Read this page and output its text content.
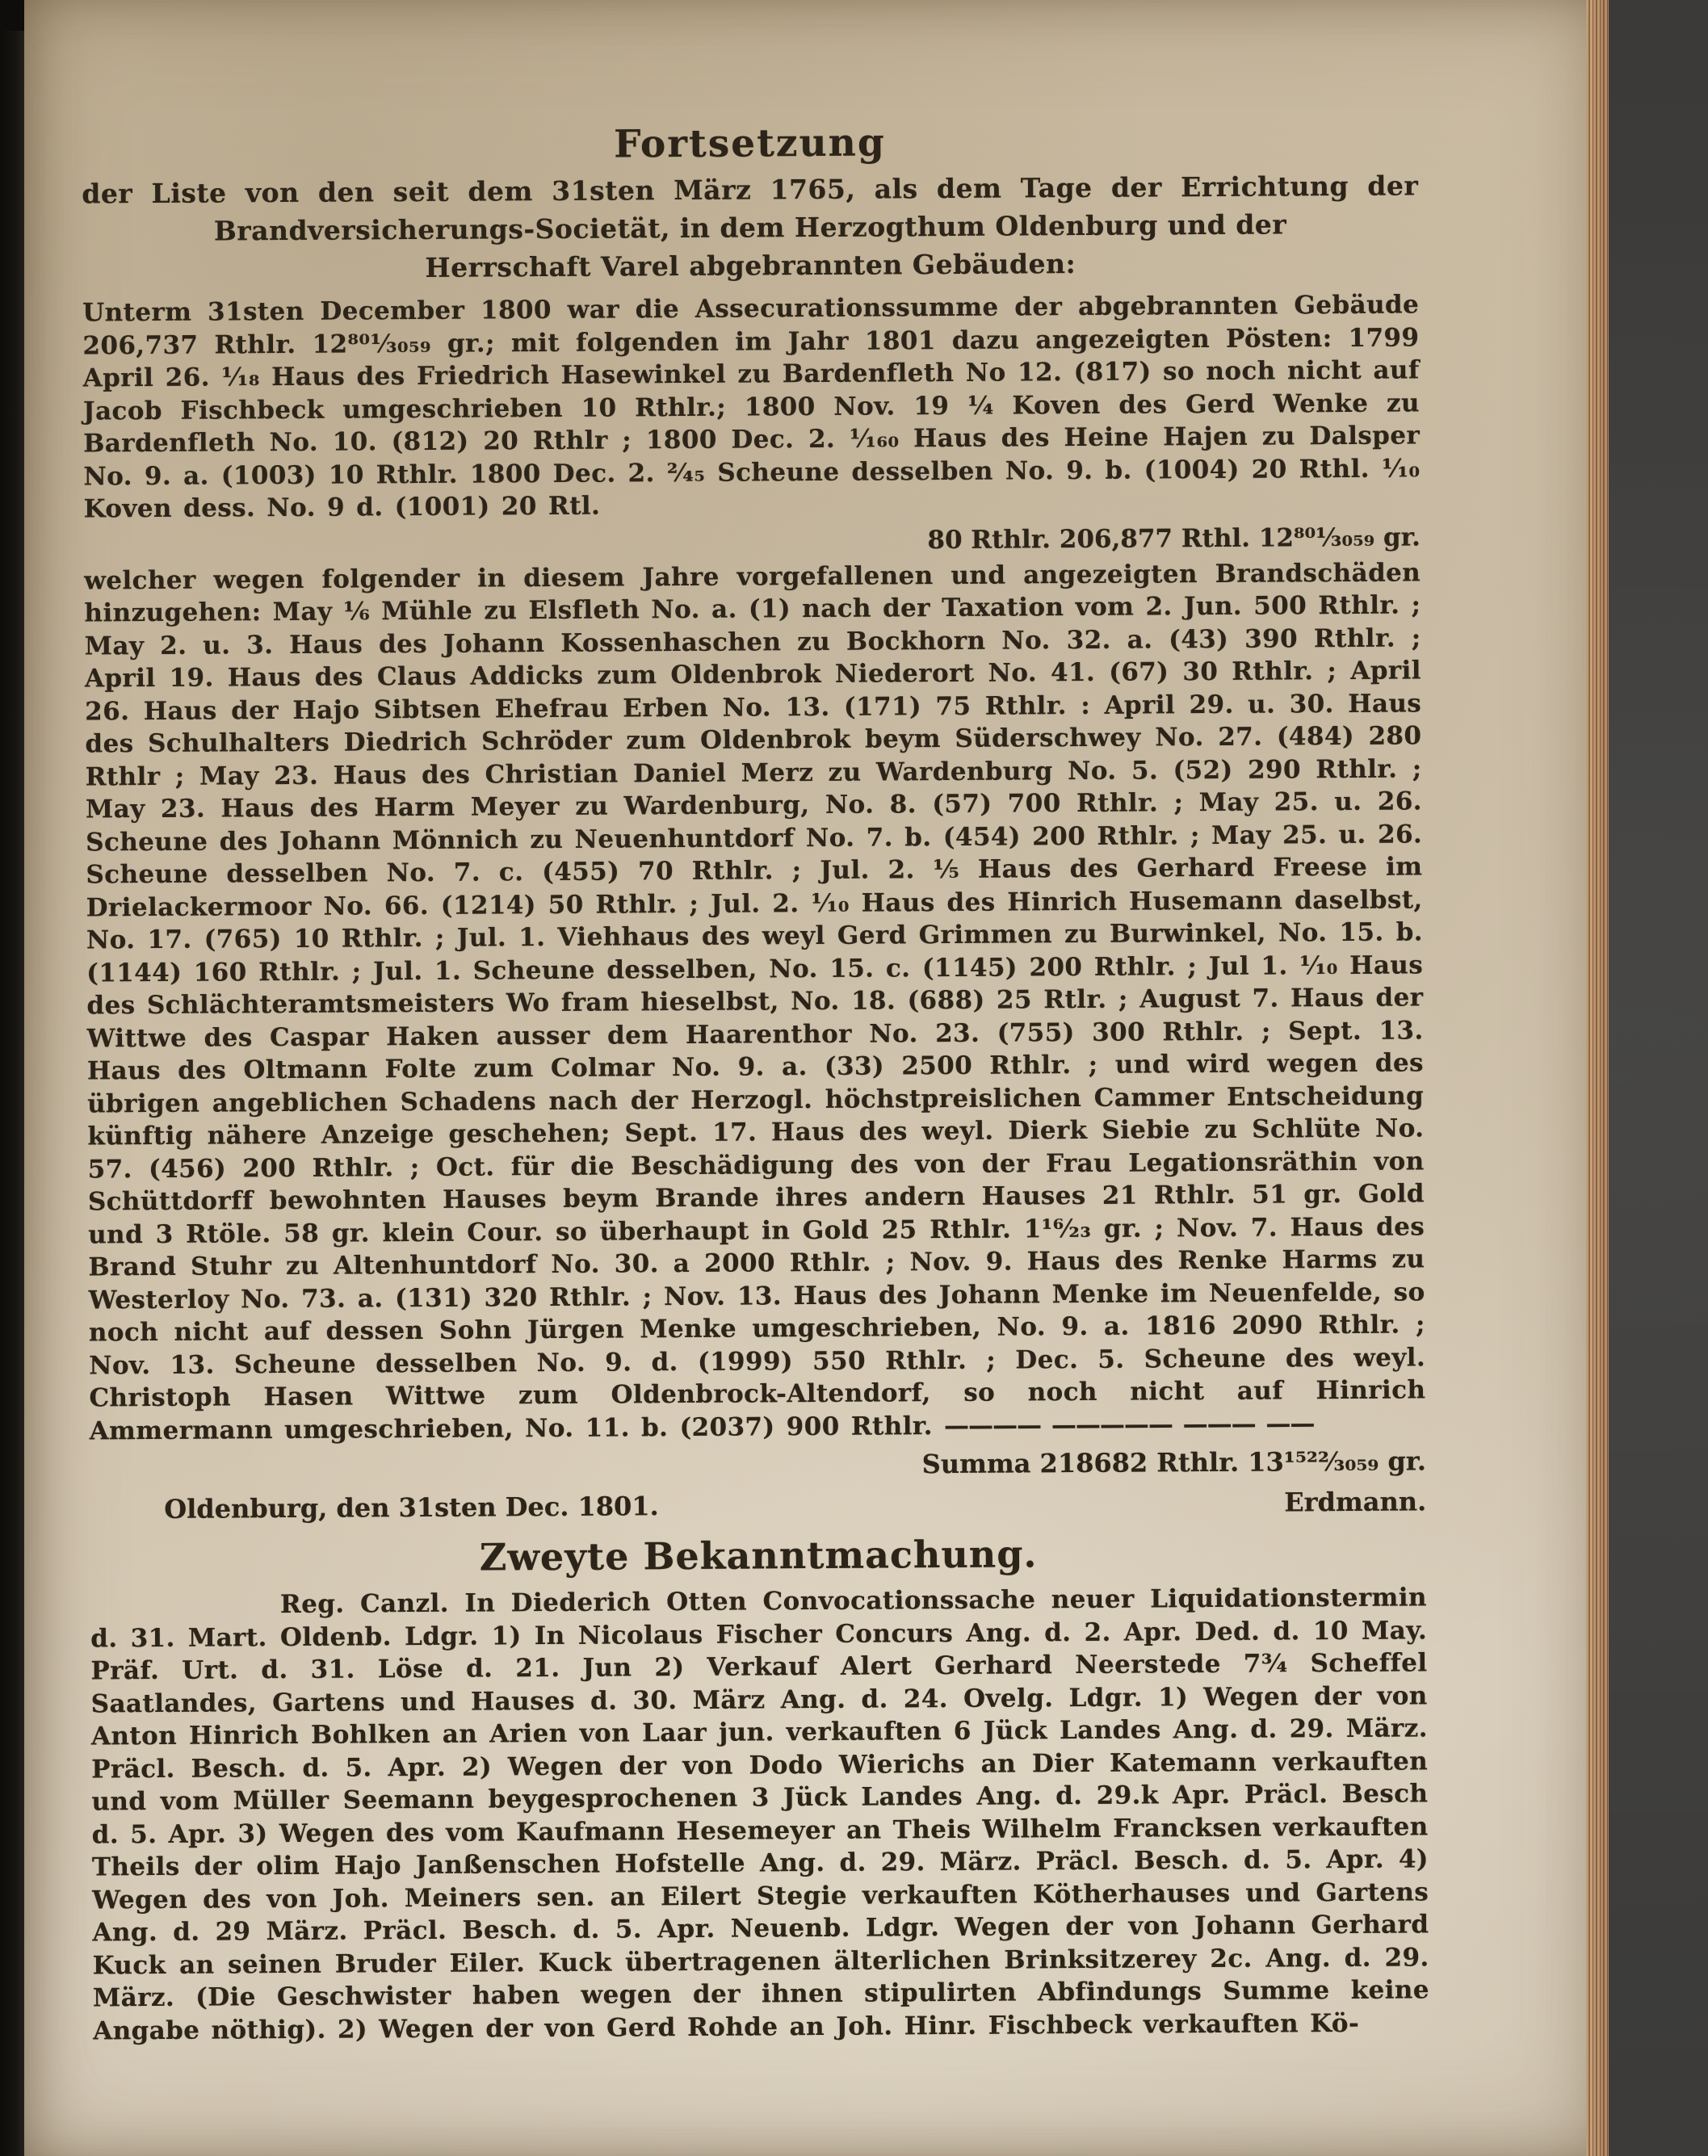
Fortsetzung
der Liste von den seit dem 31sten März 1765, als dem Tage der Errichtung der
Brandversicherungs-Societät, in dem Herzogthum Oldenburg und der
Herrschaft Varel abgebrannten Gebäuden:

Unterm 31sten December 1800 war die Assecurationssumme der abgebrannten Gebäude 206,737 Rthlr. 12⁸⁰¹⁄₃₀₅₉ gr.; mit folgenden im Jahr 1801 dazu angezeigten Pösten: 1799 April 26. ¹⁄₁₈ Haus des Friedrich Hasewinkel zu Bardenfleth No 12. (817) so noch nicht auf Jacob Fischbeck umgeschrieben 10 Rthlr.; 1800 Nov. 19 ¼ Koven des Gerd Wenke zu Bardenfleth No. 10. (812) 20 Rthlr ; 1800 Dec. 2. ¹⁄₁₆₀ Haus des Heine Hajen zu Dalsper No. 9. a. (1003) 10 Rthlr. 1800 Dec. 2. ²⁄₄₅ Scheune desselben No. 9. b. (1004) 20 Rthl. ¹⁄₁₀ Koven dess. No. 9 d. (1001) 20 Rtl.

80 Rthlr. 206,877 Rthl. 12⁸⁰¹⁄₃₀₅₉ gr.

welcher wegen folgender in diesem Jahre vorgefallenen und angezeigten Brandschäden hinzugehen: May ⅙ Mühle zu Elsfleth No. a. (1) nach der Taxation vom 2. Jun. 500 Rthlr. ; May 2. u. 3. Haus des Johann Kossenhaschen zu Bockhorn No. 32. a. (43) 390 Rthlr. ; April 19. Haus des Claus Addicks zum Oldenbrok Niederort No. 41. (67) 30 Rthlr. ; April 26. Haus der Hajo Sibtsen Ehefrau Erben No. 13. (171) 75 Rthlr. : April 29. u. 30. Haus des Schulhalters Diedrich Schröder zum Oldenbrok beym Süderschwey No. 27. (484) 280 Rthlr ; May 23. Haus des Christian Daniel Merz zu Wardenburg No. 5. (52) 290 Rthlr. ; May 23. Haus des Harm Meyer zu Wardenburg, No. 8. (57) 700 Rthlr. ; May 25. u. 26. Scheune des Johann Mönnich zu Neuenhuntdorf No. 7. b. (454) 200 Rthlr. ; May 25. u. 26. Scheune desselben No. 7. c. (455) 70 Rthlr. ; Jul. 2. ⅕ Haus des Gerhard Freese im Drielackermoor No. 66. (1214) 50 Rthlr. ; Jul. 2. ¹⁄₁₀ Haus des Hinrich Husemann daselbst, No. 17. (765) 10 Rthlr. ; Jul. 1. Viehhaus des weyl Gerd Grimmen zu Burwinkel, No. 15. b. (1144) 160 Rthlr. ; Jul. 1. Scheune desselben, No. 15. c. (1145) 200 Rthlr. ; Jul 1. ¹⁄₁₀ Haus des Schlächteramtsmeisters Wo fram hieselbst, No. 18. (688) 25 Rtlr. ; August 7. Haus der Wittwe des Caspar Haken ausser dem Haarenthor No. 23. (755) 300 Rthlr. ; Sept. 13. Haus des Oltmann Folte zum Colmar No. 9. a. (33) 2500 Rthlr. ; und wird wegen des übrigen angeblichen Schadens nach der Herzogl. höchstpreislichen Cammer Entscheidung künftig nähere Anzeige geschehen; Sept. 17. Haus des weyl. Dierk Siebie zu Schlüte No. 57. (456) 200 Rthlr. ; Oct. für die Beschädigung des von der Frau Legationsräthin von Schüttdorff bewohnten Hauses beym Brande ihres andern Hauses 21 Rthlr. 51 gr. Gold und 3 Rtöle. 58 gr. klein Cour. so überhaupt in Gold 25 Rthlr. 1¹⁶⁄₂₃ gr. ; Nov. 7. Haus des Brand Stuhr zu Altenhuntdorf No. 30. a 2000 Rthlr. ; Nov. 9. Haus des Renke Harms zu Westerloy No. 73. a. (131) 320 Rthlr. ; Nov. 13. Haus des Johann Menke im Neuenfelde, so noch nicht auf dessen Sohn Jürgen Menke umgeschrieben, No. 9. a. 1816 2090 Rthlr. ; Nov. 13. Scheune desselben No. 9. d. (1999) 550 Rthlr. ; Dec. 5. Scheune des weyl. Christoph Hasen Wittwe zum Oldenbrock-Altendorf, so noch nicht auf Hinrich Ammermann umgeschrieben, No. 11. b. (2037) 900 Rthlr. ———— ————— ——— ——

Summa 218682 Rthlr. 13¹⁵²²⁄₃₀₅₉ gr.
Oldenburg, den 31sten Dec. 1801.	Erdmann.
Zweyte Bekanntmachung.

Reg. Canzl. In Diederich Otten Convocationssache neuer Liquidationstermin d. 31. Mart. Oldenb. Ldgr. 1) In Nicolaus Fischer Concurs Ang. d. 2. Apr. Ded. d. 10 May. Präf. Urt. d. 31. Löse d. 21. Jun 2) Verkauf Alert Gerhard Neerstede 7¾ Scheffel Saatlandes, Gartens und Hauses d. 30. März Ang. d. 24. Ovelg. Ldgr. 1) Wegen der von Anton Hinrich Bohlken an Arien von Laar jun. verkauften 6 Jück Landes Ang. d. 29. März. Präcl. Besch. d. 5. Apr. 2) Wegen der von Dodo Wierichs an Dier Katemann verkauften und vom Müller Seemann beygesprochenen 3 Jück Landes Ang. d. 29.k Apr. Präcl. Besch d. 5. Apr. 3) Wegen des vom Kaufmann Hesemeyer an Theis Wilhelm Francksen verkauften Theils der olim Hajo Janßenschen Hofstelle Ang. d. 29. März. Präcl. Besch. d. 5. Apr. 4) Wegen des von Joh. Meiners sen. an Eilert Stegie verkauften Kötherhauses und Gartens Ang. d. 29 März. Präcl. Besch. d. 5. Apr. Neuenb. Ldgr. Wegen der von Johann Gerhard Kuck an seinen Bruder Eiler. Kuck übertragenen älterlichen Brinksitzerey 2c. Ang. d. 29. März. (Die Geschwister haben wegen der ihnen stipulirten Abfindungs Summe keine Angabe nöthig). 2) Wegen der von Gerd Rohde an Joh. Hinr. Fischbeck verkauften Kö-
